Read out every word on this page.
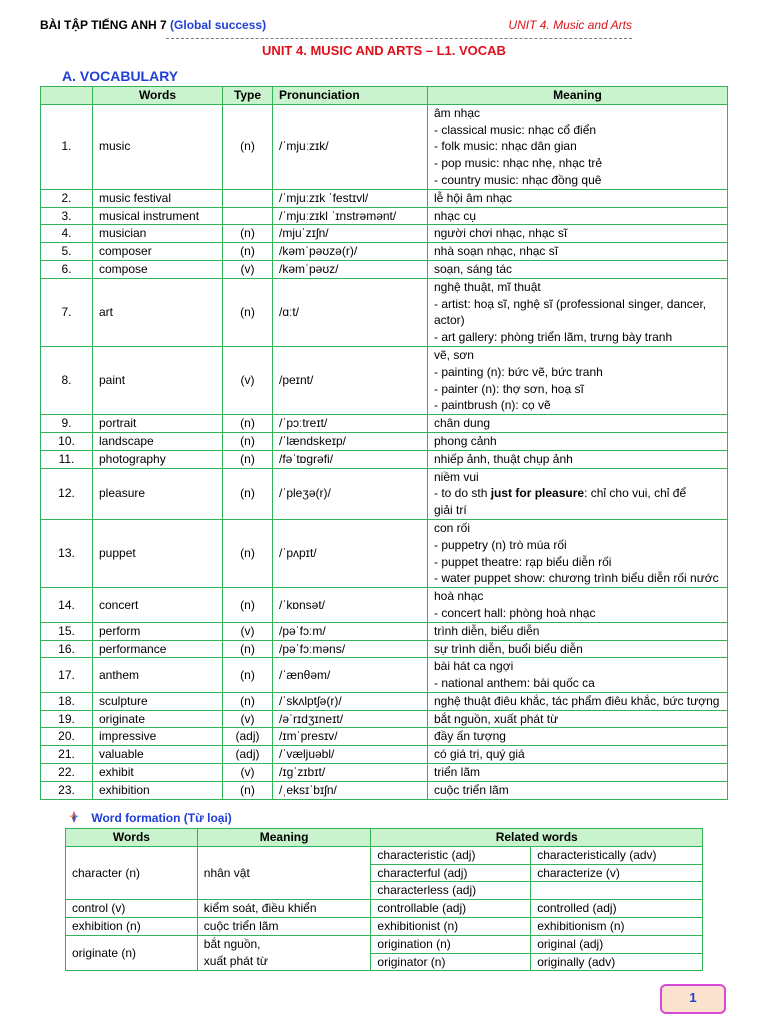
BÀI TẬP TIẾNG ANH 7 (Global success)	UNIT 4. Music and Arts
UNIT 4. MUSIC AND ARTS – L1. VOCAB
A. VOCABULARY
	Words	Type	Pronunciation	Meaning
1.	music	(n)	/ˈmjuːzɪk/	âm nhạc
- classical music: nhạc cổ điển
- folk music: nhạc dân gian
- pop music: nhạc nhẹ, nhạc trẻ
- country music: nhạc đồng quê

2.	music festival		/ˈmjuːzɪk ˈfestɪvl/	lễ hội âm nhạc

3.	musical instrument		/ˈmjuːzɪkl ˈɪnstrəmənt/	nhạc cụ

4.	musician	(n)	/mjuˈzɪʃn/	người chơi nhạc, nhạc sĩ

5.	composer	(n)	/kəmˈpəʊzə(r)/	nhà soạn nhạc, nhạc sĩ

6.	compose	(v)	/kəmˈpəʊz/	soạn, sáng tác

7.	art	(n)	/ɑːt/	nghệ thuật, mĩ thuật
- artist: hoạ sĩ, nghệ sĩ (professional singer, dancer, actor)
- art gallery: phòng triển lãm, trưng bày tranh

8.	paint	(v)	/peɪnt/	vẽ, sơn
- painting (n): bức vẽ, bức tranh
- painter (n): thợ sơn, hoạ sĩ
- paintbrush (n): cọ vẽ

9.	portrait	(n)	/ˈpɔːtreɪt/	chân dung

10.	landscape	(n)	/ˈlændskeɪp/	phong cảnh

11.	photography	(n)	/fəˈtɒɡrəfi/	nhiếp ảnh, thuật chụp ảnh

12.	pleasure	(n)	/ˈpleʒə(r)/	niềm vui
- to do sth just for pleasure: chỉ cho vui, chỉ để
giải trí

13.	puppet	(n)	/ˈpʌpɪt/	con rối
- puppetry (n) trò múa rối
- puppet theatre: rạp biểu diễn rối
- water puppet show: chương trình biểu diễn rối nước

14.	concert	(n)	/ˈkɒnsət/	hoà nhạc
- concert hall: phòng hoà nhạc

15.	perform	(v)	/pəˈfɔːm/	trình diễn, biểu diễn

16.	performance	(n)	/pəˈfɔːməns/	sự trình diễn, buổi biểu diễn

17.	anthem	(n)	/ˈænθəm/	bài hát ca ngợi
- national anthem: bài quốc ca

18.	sculpture	(n)	/ˈskʌlptʃə(r)/	nghệ thuật điêu khắc, tác phẩm điêu khắc, bức tượng

19.	originate	(v)	/əˈrɪdʒɪneɪt/	bắt nguồn, xuất phát từ

20.	impressive	(adj)	/ɪmˈpresɪv/	đầy ấn tượng

21.	valuable	(adj)	/ˈvæljuəbl/	có giá trị, quý giá

22.	exhibit	(v)	/ɪɡˈzɪbɪt/	triển lãm

23.	exhibition	(n)	/ˌeksɪˈbɪʃn/	cuộc triển lãm
Word formation (Từ loại)
Words	Meaning	Related words	
character (n)	nhân vật	characteristic (adj)	characteristically (adv)
		characterful (adj)	characterize (v)
		characterless (adj)	
control (v)	kiểm soát, điều khiển	controllable (adj)	controlled (adj)
exhibition (n)	cuộc triển lãm	exhibitionist (n)	exhibitionism (n)
originate (n)	bắt nguồn,
xuất phát từ	origination (n)	original (adj)
		originator (n)	originally (adv)
1
